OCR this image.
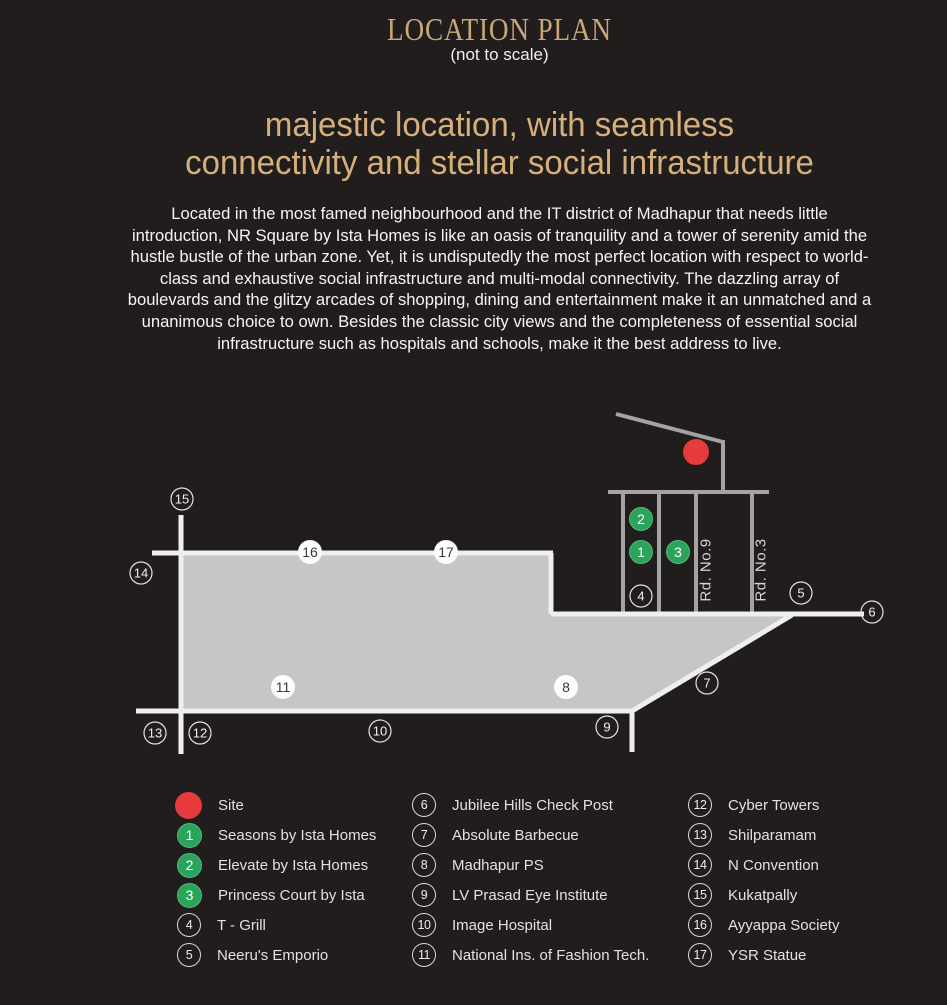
LOCATION PLAN
(not to scale)
majestic location, with seamless
connectivity and stellar social infrastructure
Located in the most famed neighbourhood and the IT district of Madhapur that needs little
introduction, NR Square by Ista Homes is like an oasis of tranquility and a tower of serenity amid the
hustle bustle of the urban zone. Yet, it is undisputedly the most perfect location with respect to world-
class and exhaustive social infrastructure and multi-modal connectivity. The dazzling array of
boulevards and the glitzy arcades of shopping, dining and entertainment make it an unmatched and a
unanimous choice to own. Besides the classic city views and the completeness of essential social
infrastructure such as hospitals and schools, make it the best address to live.
Rd. No.9	Rd. No.3
2
1 3
16	17
11	8
15
14
4	5
6
7
9
10
12
13
Site
1	Seasons by Ista Homes
2	Elevate by Ista Homes
3	Princess Court by Ista
4	T - Grill
5	Neeru's Emporio
6	Jubilee Hills Check Post
7	Absolute Barbecue
8	Madhapur PS
9	LV Prasad Eye Institute
10	Image Hospital
11	National Ins. of Fashion Tech.
12	Cyber Towers
13	Shilparamam
14	N Convention
15	Kukatpally
16	Ayyappa Society
17	YSR Statue
